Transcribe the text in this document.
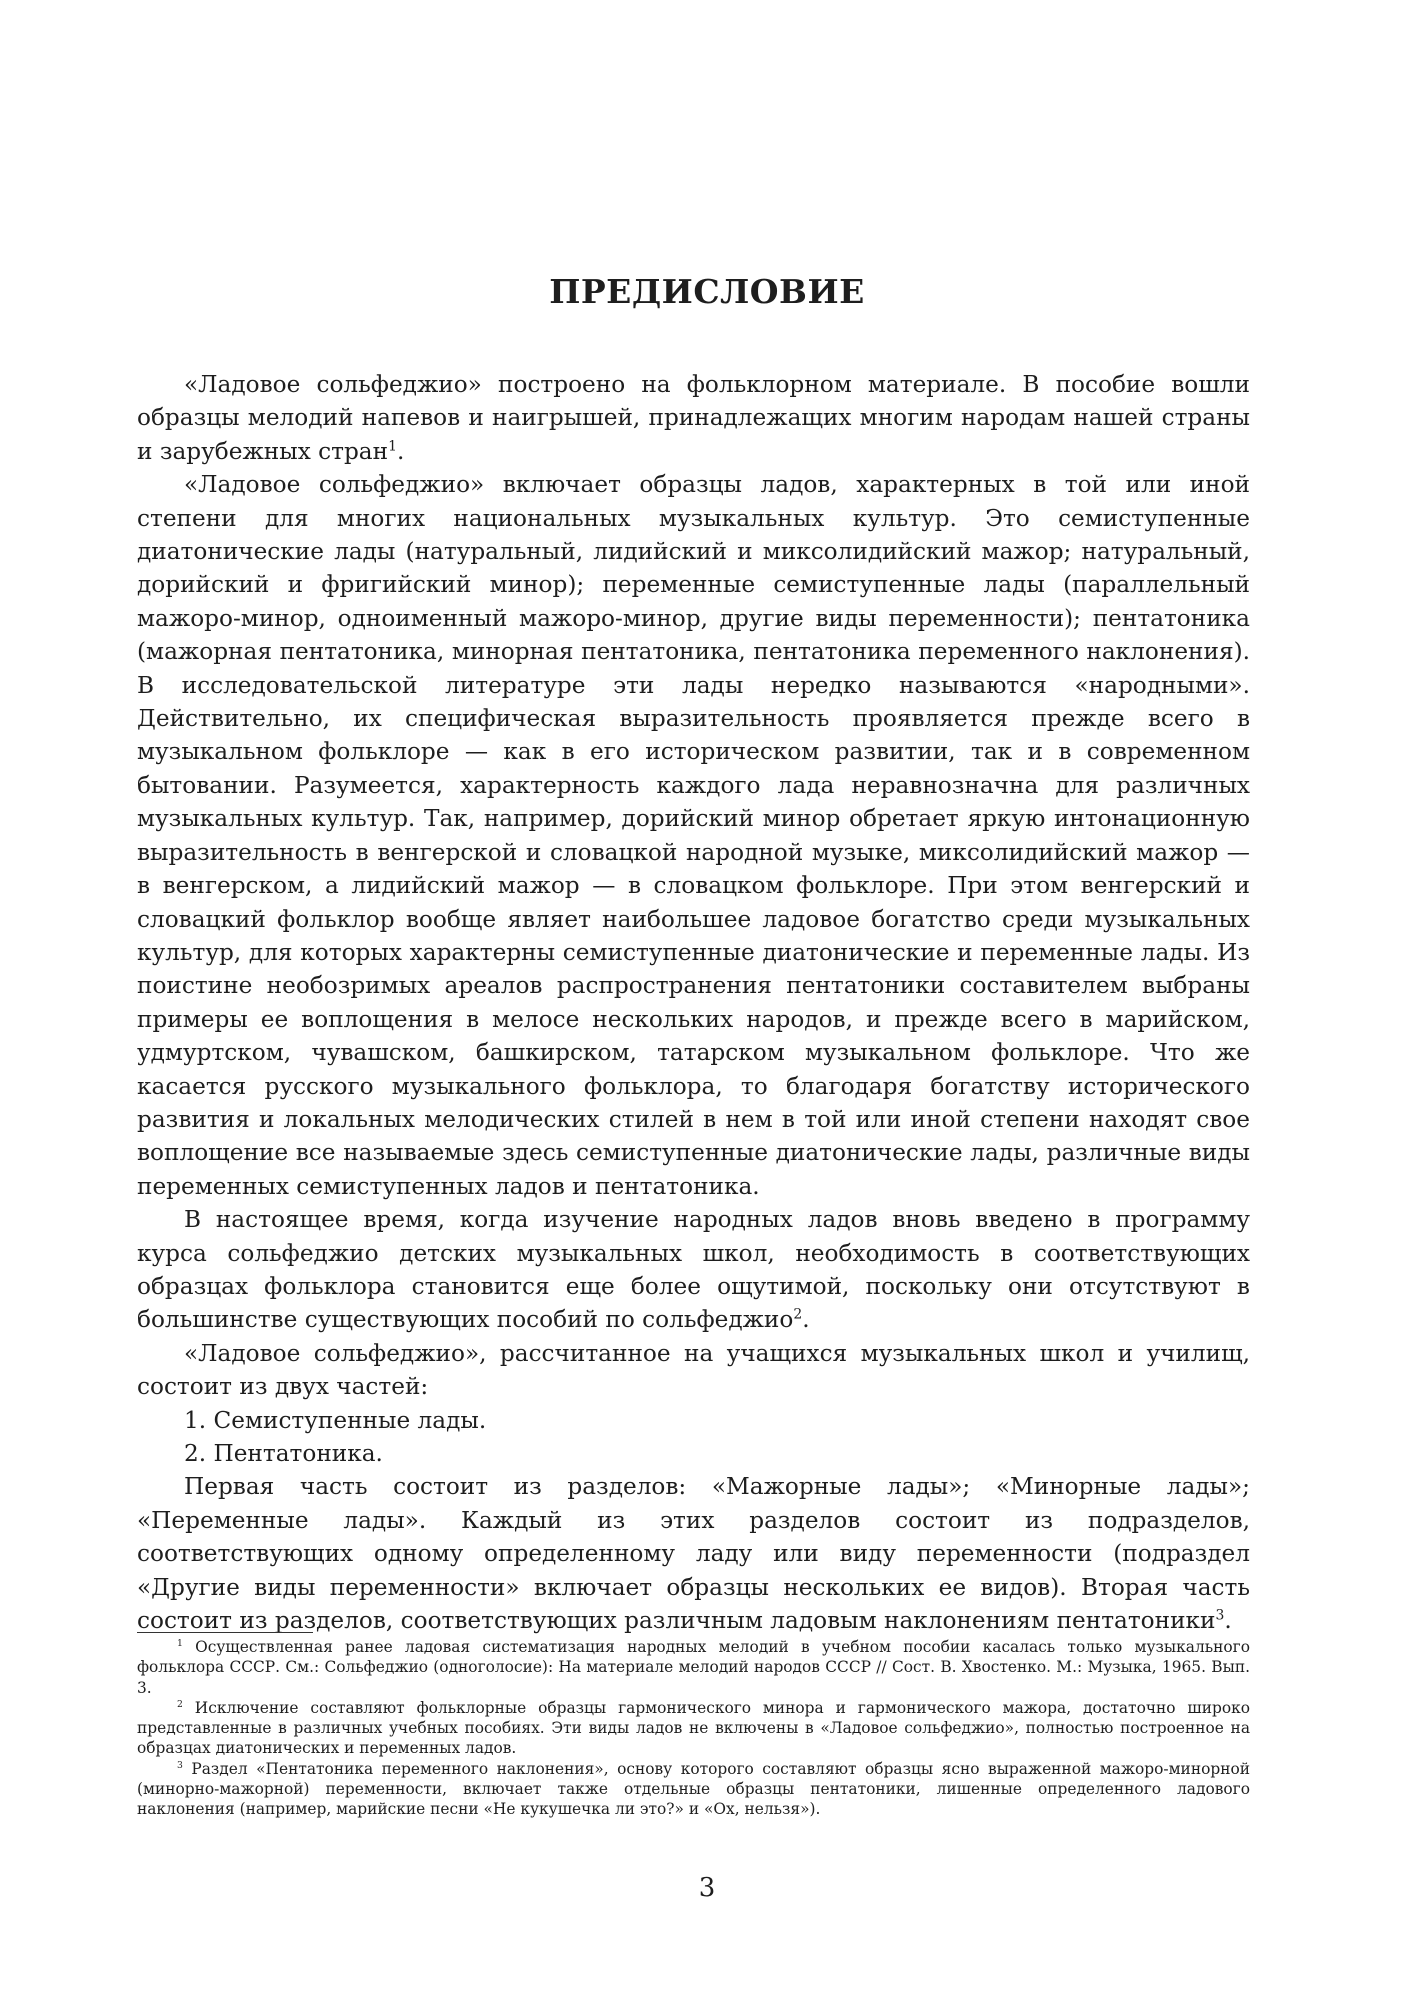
ПРЕДИСЛОВИЕ

«Ладовое сольфеджио» построено на фольклорном материале. В пособие вошли образцы мелодий напевов и наигрышей, принадлежащих многим народам нашей страны и зарубежных стран$^1$.

«Ладовое сольфеджио» включает образцы ладов, характерных в той или иной степени для многих национальных музыкальных культур. Это семиступенные диатонические лады (натуральный, лидийский и миксолидийский мажор; натуральный, дорийский и фригийский минор); переменные семиступенные лады (параллельный мажоро-минор, одноименный мажоро-минор, другие виды переменности); пентатоника (мажорная пентатоника, минорная пентатоника, пентатоника переменного наклонения). В исследовательской литературе эти лады нередко называются «народными». Действительно, их специфическая выразительность проявляется прежде всего в музыкальном фольклоре — как в его историческом развитии, так и в современном бытовании. Разумеется, характерность каждого лада неравнозначна для различных музыкальных культур. Так, например, дорийский минор обретает яркую интонационную выразительность в венгерской и словацкой народной музыке, миксолидийский мажор — в венгерском, а лидийский мажор — в словацком фольклоре. При этом венгерский и словацкий фольклор вообще являет наибольшее ладовое богатство среди музыкальных культур, для которых характерны семиступенные диатонические и переменные лады. Из поистине необозримых ареалов распространения пентатоники составителем выбраны примеры ее воплощения в мелосе нескольких народов, и прежде всего в марийском, удмуртском, чувашском, башкирском, татарском музыкальном фольклоре. Что же касается русского музыкального фольклора, то благодаря богатству исторического развития и локальных мелодических стилей в нем в той или иной степени находят свое воплощение все называемые здесь семиступенные диатонические лады, различные виды переменных семиступенных ладов и пентатоника.

В настоящее время, когда изучение народных ладов вновь введено в программу курса сольфеджио детских музыкальных школ, необходимость в соответствующих образцах фольклора становится еще более ощутимой, поскольку они отсутствуют в большинстве существующих пособий по сольфеджио$^2$.

«Ладовое сольфеджио», рассчитанное на учащихся музыкальных школ и училищ, состоит из двух частей:

1. Семиступенные лады.

2. Пентатоника.

Первая часть состоит из разделов: «Мажорные лады»; «Минорные лады»; «Переменные лады». Каждый из этих разделов состоит из подразделов, соответствующих одному определенному ладу или виду переменности (подраздел «Другие виды переменности» включает образцы нескольких ее видов). Вторая часть состоит из разделов, соответствующих различным ладовым наклонениям пентатоники$^3$.

$^1$ Осуществленная ранее ладовая систематизация народных мелодий в учебном пособии касалась только музыкального фольклора СССР. См.: Сольфеджио (одноголосие): На материале мелодий народов СССР // Сост. В. Хвостенко. М.: Музыка, 1965. Вып. 3.

$^2$ Исключение составляют фольклорные образцы гармонического минора и гармонического мажора, достаточно широко представленные в различных учебных пособиях. Эти виды ладов не включены в «Ладовое сольфеджио», полностью построенное на образцах диатонических и переменных ладов.

$^3$ Раздел «Пентатоника переменного наклонения», основу которого составляют образцы ясно выраженной мажоро-минорной (минорно-мажорной) переменности, включает также отдельные образцы пентатоники, лишенные определенного ладового наклонения (например, марийские песни «Не кукушечка ли это?» и «Ох, нельзя»).

3
